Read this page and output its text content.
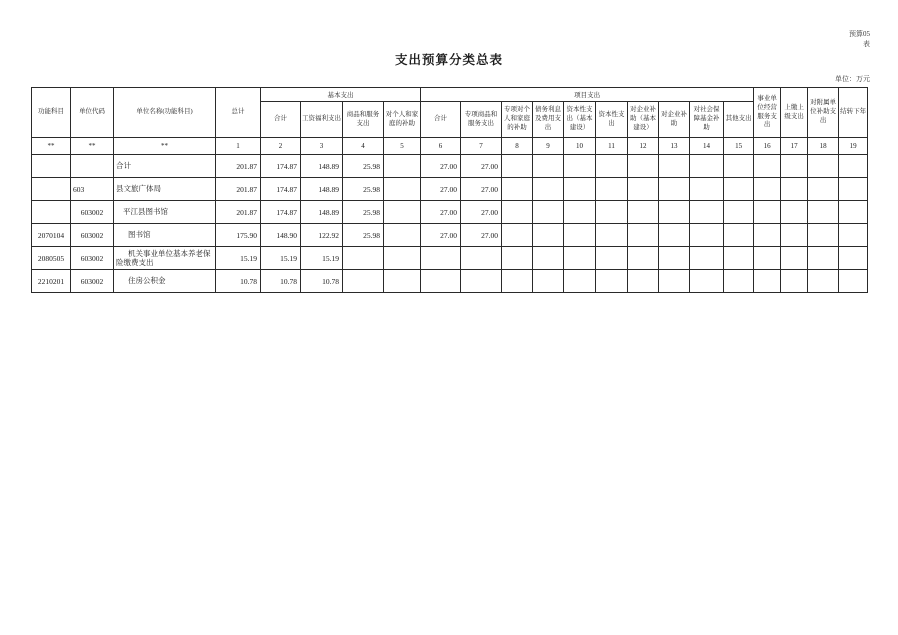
预算05
表
支出预算分类总表
单位：万元
功能科目	单位代码	单位名称(功能科目)	总计	基本支出				项目支出										事业单位经营服务支出	上缴上级支出	对附属单位补助支出	结转下年
				合计	工资福利支出	商品和服务支出	对个人和家庭的补助	合计	专项商品和服务支出	专项对个人和家庭的补助	债务利息及费用支出	资本性支出（基本建设）	资本性支出	对企业补助（基本建设）	对企业补助	对社会保障基金补助	其他支出				
**	**	**	1	2	3	4	5	6	7	8	9	10	11	12	13	14	15	16	17	18	19
		合计	201.87	174.87	148.89	25.98		27.00	27.00												
	603	县文旅广体局	201.87	174.87	148.89	25.98		27.00	27.00												
	603002	平江县图书馆	201.87	174.87	148.89	25.98		27.00	27.00												
2070104	603002	图书馆	175.90	148.90	122.92	25.98		27.00	27.00												
2080505	603002	机关事业单位基本养老保险缴费支出	15.19	15.19	15.19																
2210201	603002	住房公积金	10.78	10.78	10.78																
